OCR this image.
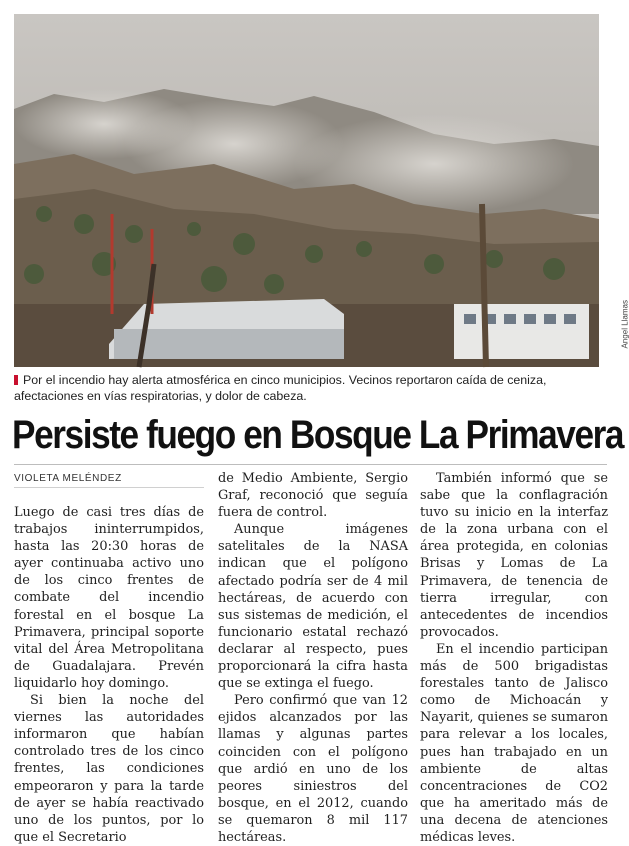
Angel Llamas
Por el incendio hay alerta atmosférica en cinco municipios. Vecinos reportaron caída de ceniza, afectaciones en vías respiratorias, y dolor de cabeza.
Persiste fuego en Bosque La Primavera
VIOLETA MELÉNDEZ

Luego de casi tres días de trabajos ininterrumpidos, hasta las 20:30 horas de ayer continuaba activo uno de los cinco frentes de combate del incendio forestal en el bosque La Primavera, principal soporte vital del Área Metropolitana de Guadalajara. Prevén liquidarlo hoy domingo.

Si bien la noche del viernes las autoridades informaron que habían controlado tres de los cinco frentes, las condiciones empeoraron y para la tarde de ayer se había reactivado uno de los puntos, por lo que el Secretario

de Medio Ambiente, Sergio Graf, reconoció que seguía fuera de control.

Aunque imágenes satelitales de la NASA indican que el polígono afectado podría ser de 4 mil hectáreas, de acuerdo con sus sistemas de medición, el funcionario estatal rechazó declarar al respecto, pues proporcionará la cifra hasta que se extinga el fuego.

Pero confirmó que van 12 ejidos alcanzados por las llamas y algunas partes coinciden con el polígono que ardió en uno de los peores siniestros del bosque, en el 2012, cuando se quemaron 8 mil 117 hectáreas.

También informó que se sabe que la conflagración tuvo su inicio en la interfaz de la zona urbana con el área protegida, en colonias Brisas y Lomas de La Primavera, de tenencia de tierra irregular, con antecedentes de incendios provocados.

En el incendio participan más de 500 brigadistas forestales tanto de Jalisco como de Michoacán y Nayarit, quienes se sumaron para relevar a los locales, pues han trabajado en un ambiente de altas concentraciones de CO2 que ha ameritado más de una decena de atenciones médicas leves.
